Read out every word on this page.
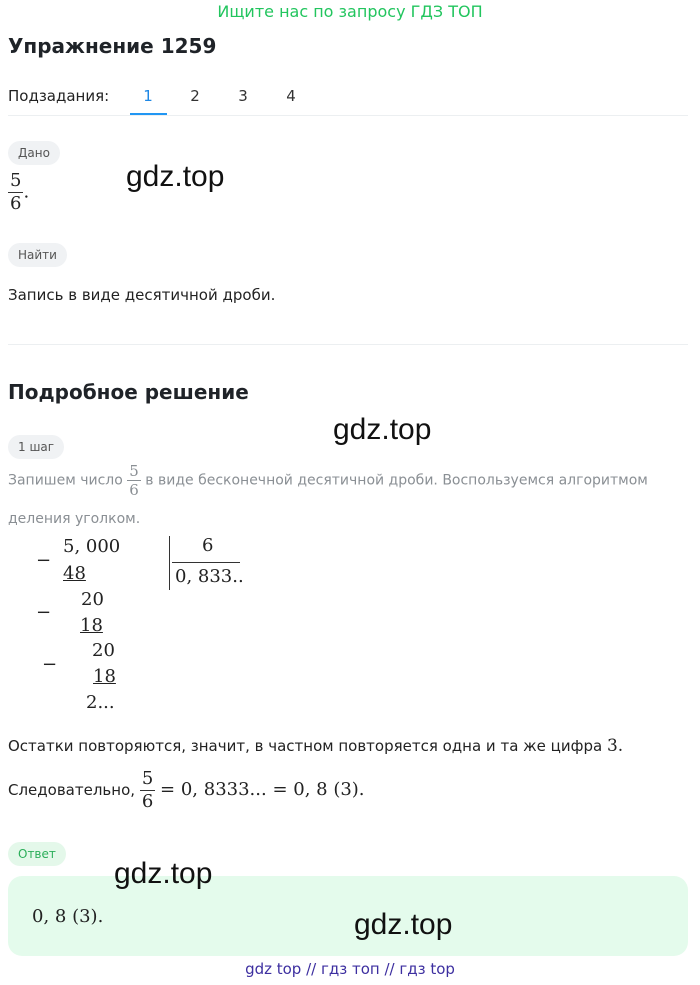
Ищите нас по запросу ГДЗ ТОП
Упражнение 1259
Подзадания:	1	2	3	4
Дано
$\frac{5}{6}$ .	gdz.top
Найти
Запись в виде десятичной дроби.
Подробное решение
gdz.top
1 шаг
Запишем число $\frac{5}{6}$ в виде бесконечной десятичной дроби. Воспользуемся алгоритмом
деления уголком.
−
5, 000
48
6
0, 833..
−
20
18
−
20
18
2...
Остатки повторяются, значит, в частном повторяется одна и та же цифра 3.
Следовательно, $\frac{5}{6} = 0$, 8333... = 0, 8 (3).
Ответ
gdz.top
0, 8 (3).	gdz.top
gdz top // гдз топ // гдз top
